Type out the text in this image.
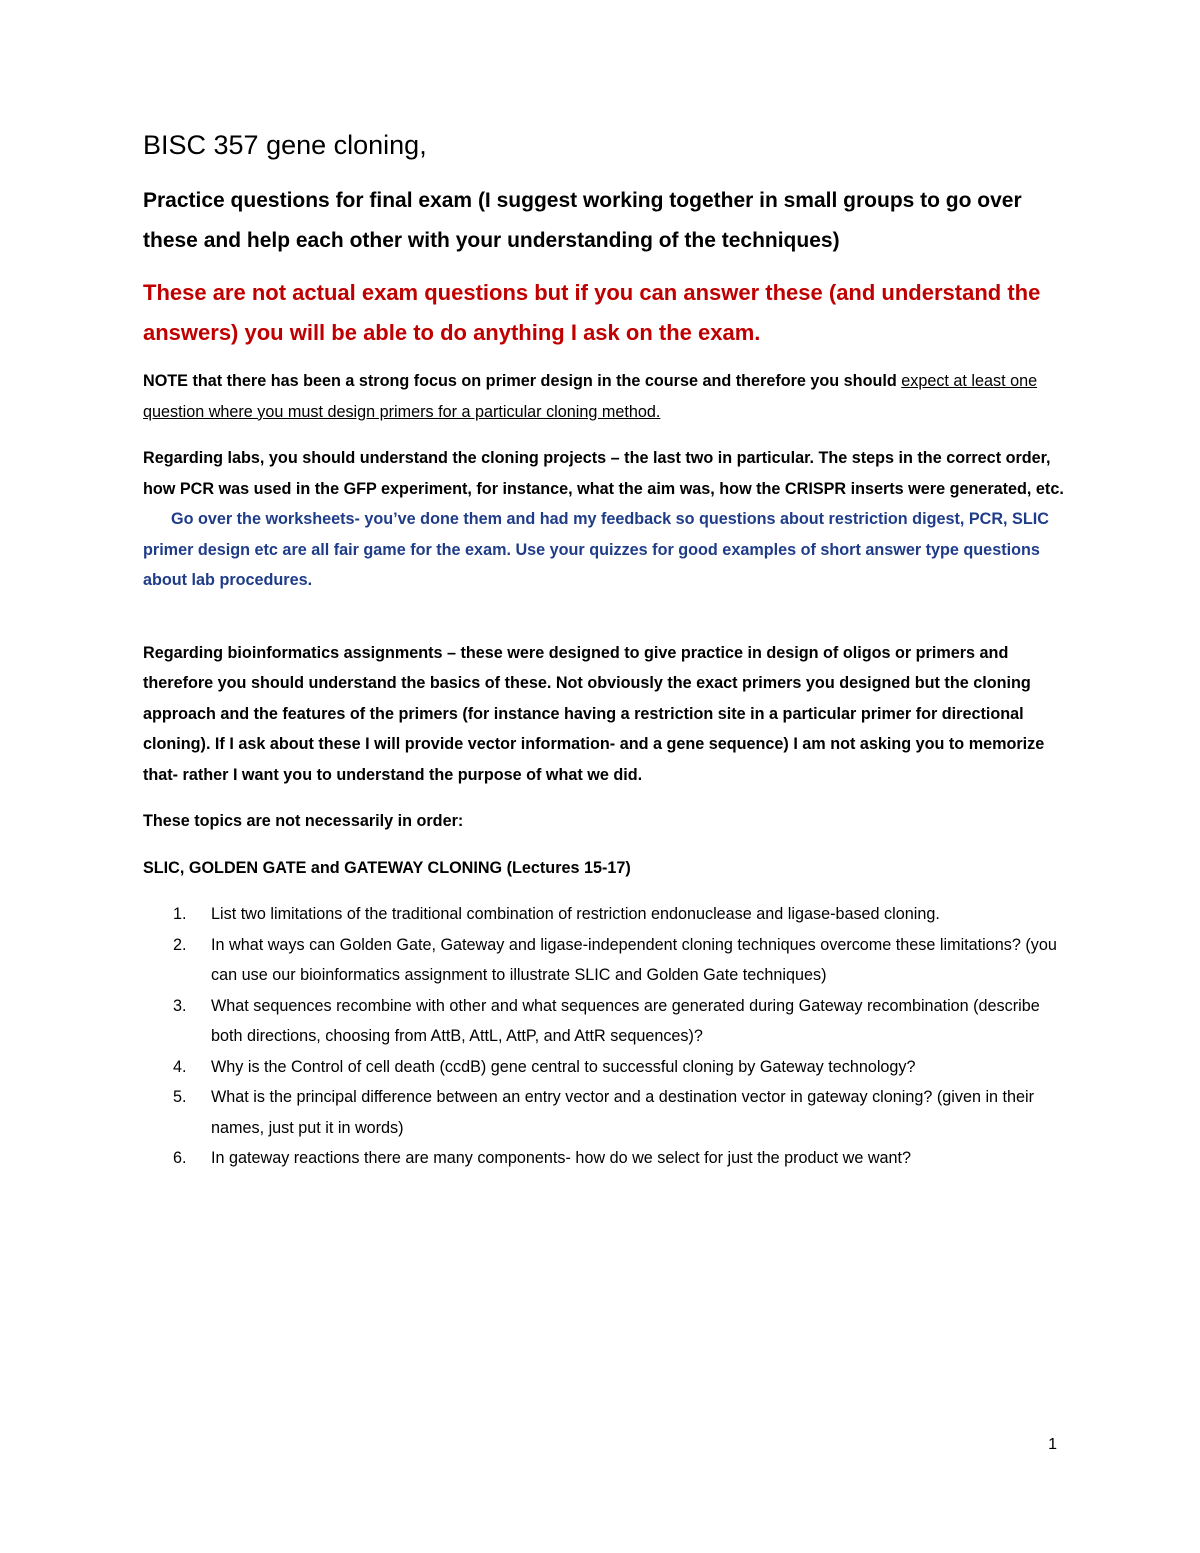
BISC 357 gene cloning,
Practice questions for final exam (I suggest working together in small groups to go over these and help each other with your understanding of the techniques)
These are not actual exam questions but if you can answer these (and understand the answers) you will be able to do anything I ask on the exam.
NOTE that there has been a strong focus on primer design in the course and therefore you should expect at least one question where you must design primers for a particular cloning method.
Regarding labs, you should understand the cloning projects – the last two in particular. The steps in the correct order, how PCR was used in the GFP experiment, for instance, what the aim was, how the CRISPR inserts were generated, etc. Go over the worksheets- you’ve done them and had my feedback so questions about restriction digest, PCR, SLIC primer design etc are all fair game for the exam. Use your quizzes for good examples of short answer type questions about lab procedures.
Regarding bioinformatics assignments – these were designed to give practice in design of oligos or primers and therefore you should understand the basics of these. Not obviously the exact primers you designed but the cloning approach and the features of the primers (for instance having a restriction site in a particular primer for directional cloning). If I ask about these I will provide vector information- and a gene sequence) I am not asking you to memorize that- rather I want you to understand the purpose of what we did.
These topics are not necessarily in order:
SLIC, GOLDEN GATE and GATEWAY CLONING (Lectures 15-17)
1.	List two limitations of the traditional combination of restriction endonuclease and ligase-based cloning.
2.	In what ways can Golden Gate, Gateway and ligase-independent cloning techniques overcome these limitations? (you can use our bioinformatics assignment to illustrate SLIC and Golden Gate techniques)
3.	What sequences recombine with other and what sequences are generated during Gateway recombination (describe both directions, choosing from AttB, AttL, AttP, and AttR sequences)?
4.	Why is the Control of cell death (ccdB) gene central to successful cloning by Gateway technology?
5.	What is the principal difference between an entry vector and a destination vector in gateway cloning? (given in their names, just put it in words)
6.	In gateway reactions there are many components- how do we select for just the product we want?
1
